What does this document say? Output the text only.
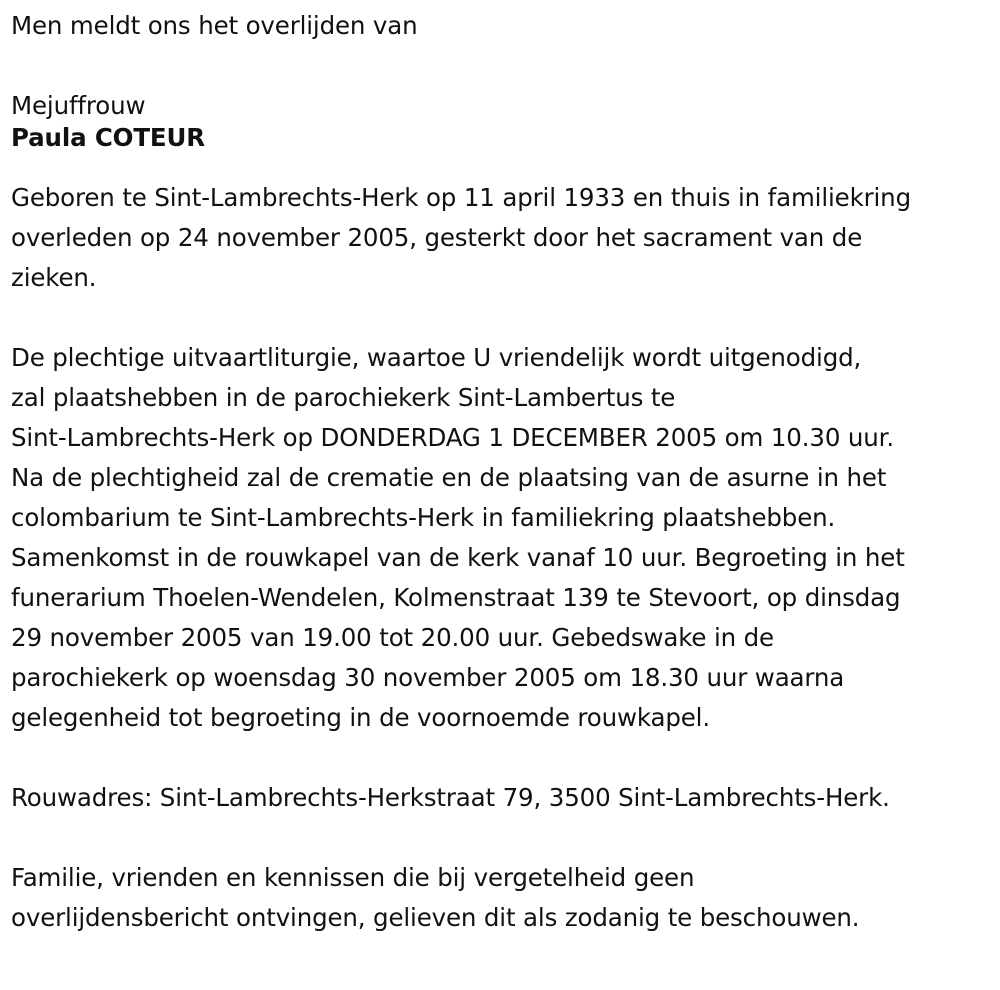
Men meldt ons het overlijden van
Mejuffrouw
Paula COTEUR
Geboren te Sint-Lambrechts-Herk op 11 april 1933 en thuis in familiekring
overleden op 24 november 2005, gesterkt door het sacrament van de
zieken.
De plechtige uitvaartliturgie, waartoe U vriendelijk wordt uitgenodigd,
zal plaatshebben in de parochiekerk Sint-Lambertus te
Sint-Lambrechts-Herk op DONDERDAG 1 DECEMBER 2005 om 10.30 uur.
Na de plechtigheid zal de crematie en de plaatsing van de asurne in het
colombarium te Sint-Lambrechts-Herk in familiekring plaatshebben.
Samenkomst in de rouwkapel van de kerk vanaf 10 uur. Begroeting in het
funerarium Thoelen-Wendelen, Kolmenstraat 139 te Stevoort, op dinsdag
29 november 2005 van 19.00 tot 20.00 uur. Gebedswake in de
parochiekerk op woensdag 30 november 2005 om 18.30 uur waarna
gelegenheid tot begroeting in de voornoemde rouwkapel.
Rouwadres: Sint-Lambrechts-Herkstraat 79, 3500 Sint-Lambrechts-Herk.
Familie, vrienden en kennissen die bij vergetelheid geen
overlijdensbericht ontvingen, gelieven dit als zodanig te beschouwen.
